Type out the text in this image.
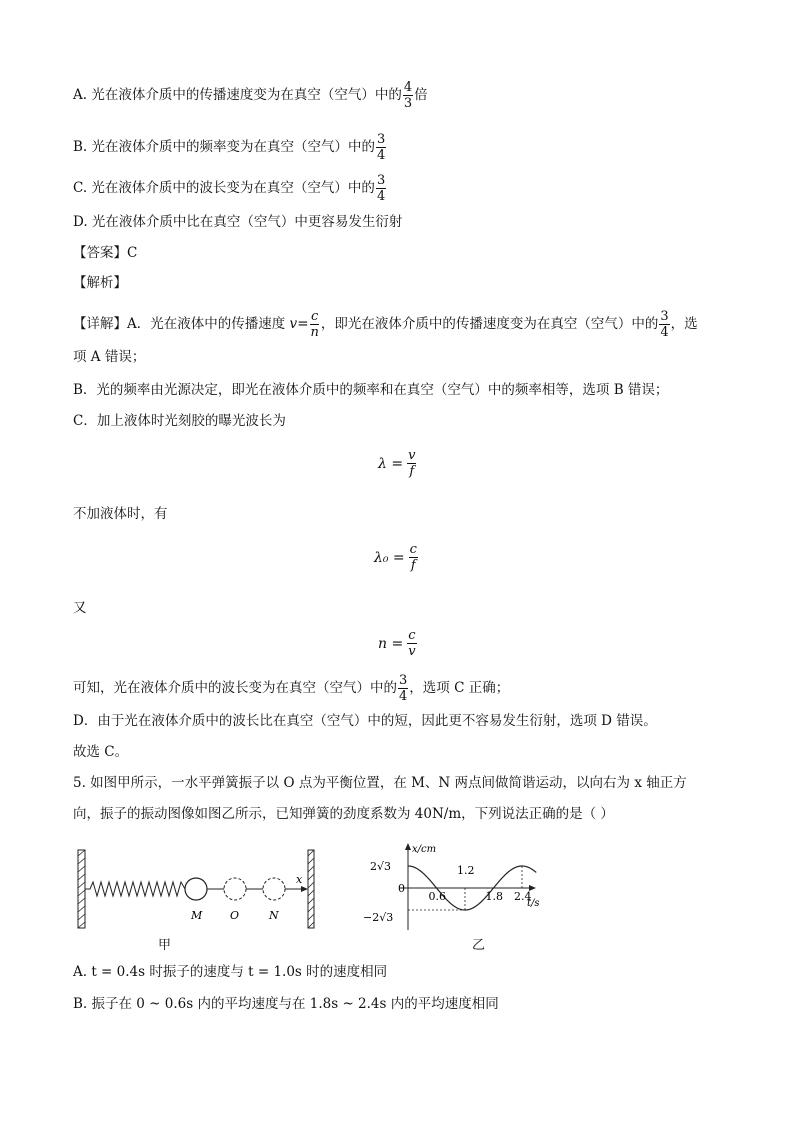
A. 光在液体介质中的传播速度变为在真空（空气）中的 $\frac{4}{3}$ 倍
B. 光在液体介质中的频率变为在真空（空气）中的 $\frac{3}{4}$
C. 光在液体介质中的波长变为在真空（空气）中的 $\frac{3}{4}$
D. 光在液体介质中比在真空（空气）中更容易发生衍射
【答案】C
【解析】
【详解】A．光在液体中的传播速度 $v= \frac{c}{n}$ ，即光在液体介质中的传播速度变为在真空（空气）中的 $\frac{3}{4}$ ，选
项 A 错误；
B．光的频率由光源决定，即光在液体介质中的频率和在真空（空气）中的频率相等，选项 B 错误；
C．加上液体时光刻胶的曝光波长为
$\lambda = \frac{v}{f}$
不加液体时，有
$\lambda_0 = \frac{c}{f}$
又
$n = \frac{c}{v}$
可知，光在液体介质中的波长变为在真空（空气）中的 $\frac{3}{4}$ ，选项 C 正确；
D．由于光在液体介质中的波长比在真空（空气）中的短，因此更不容易发生衍射，选项 D 错误。
故选 C。
5. 如图甲所示，一水平弹簧振子以 O 点为平衡位置，在 M、N 两点间做简谐运动，以向右为 x 轴正方
向，振子的振动图像如图乙所示，已知弹簧的劲度系数为 40N/m，下列说法正确的是（ ）
x
M	O	N
甲
x/cm
t/s
2√3
0
−2√3
0.6
1.2
1.8 2.4
乙
A. t = 0.4s 时振子的速度与 t = 1.0s 时的速度相同
B. 振子在 0 ~ 0.6s 内的平均速度与在 1.8s ~ 2.4s 内的平均速度相同
